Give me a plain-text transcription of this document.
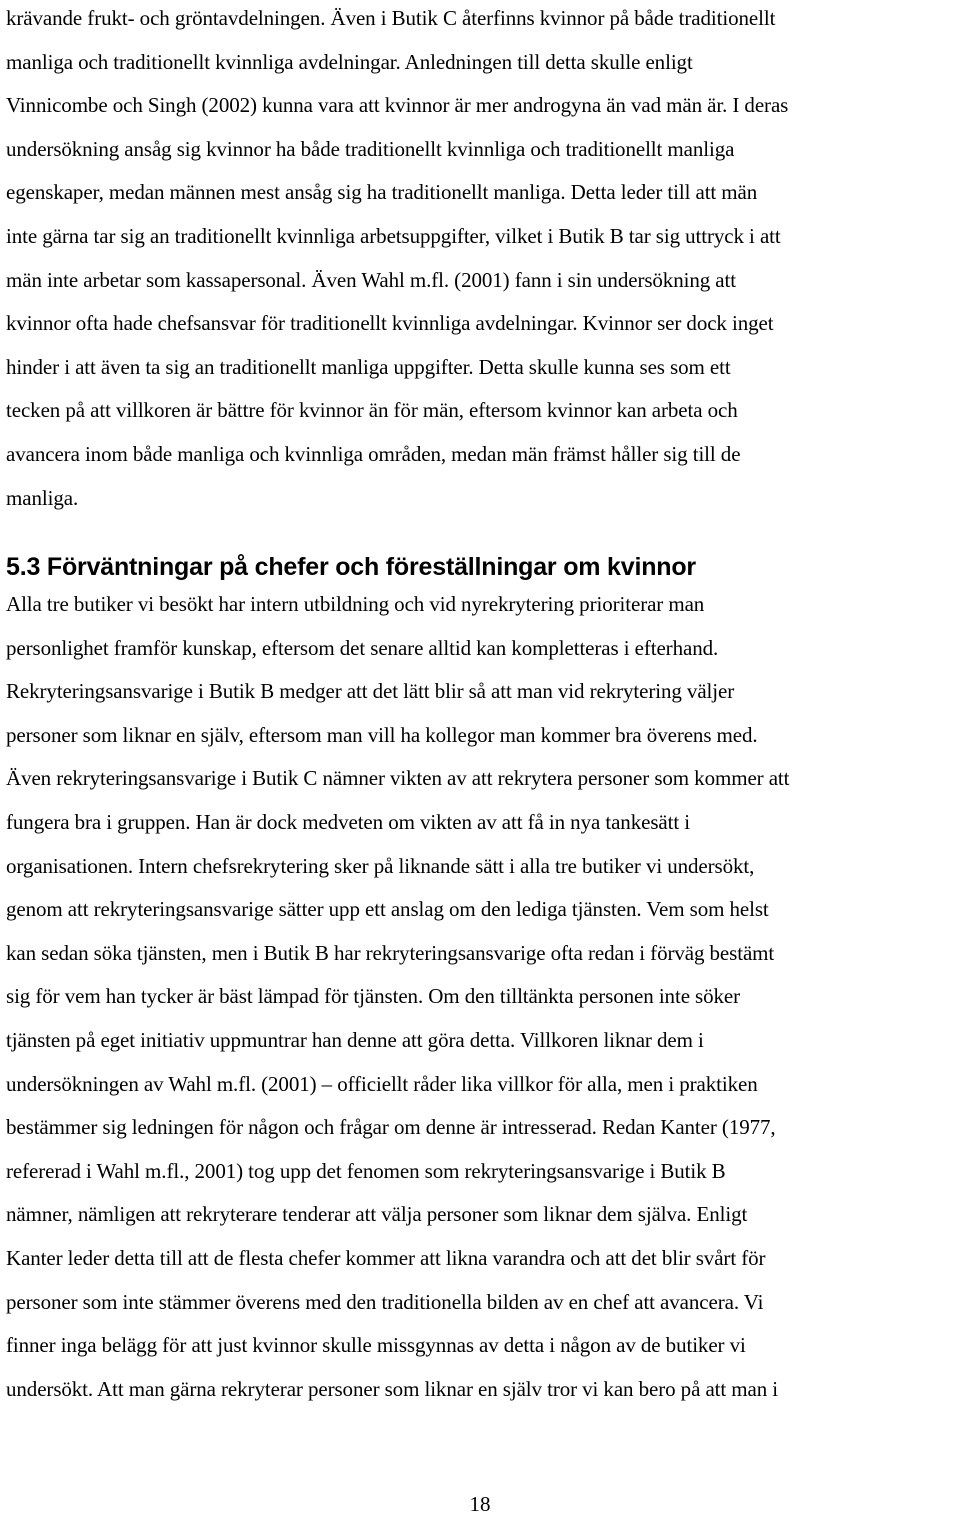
krävande frukt- och gröntavdelningen. Även i Butik C återfinns kvinnor på både traditionellt
manliga och traditionellt kvinnliga avdelningar. Anledningen till detta skulle enligt
Vinnicombe och Singh (2002) kunna vara att kvinnor är mer androgyna än vad män är. I deras
undersökning ansåg sig kvinnor ha både traditionellt kvinnliga och traditionellt manliga
egenskaper, medan männen mest ansåg sig ha traditionellt manliga. Detta leder till att män
inte gärna tar sig an traditionellt kvinnliga arbetsuppgifter, vilket i Butik B tar sig uttryck i att
män inte arbetar som kassapersonal. Även Wahl m.fl. (2001) fann i sin undersökning att
kvinnor ofta hade chefsansvar för traditionellt kvinnliga avdelningar. Kvinnor ser dock inget
hinder i att även ta sig an traditionellt manliga uppgifter. Detta skulle kunna ses som ett
tecken på att villkoren är bättre för kvinnor än för män, eftersom kvinnor kan arbeta och
avancera inom både manliga och kvinnliga områden, medan män främst håller sig till de
manliga.
5.3 Förväntningar på chefer och föreställningar om kvinnor
Alla tre butiker vi besökt har intern utbildning och vid nyrekrytering prioriterar man
personlighet framför kunskap, eftersom det senare alltid kan kompletteras i efterhand.
Rekryteringsansvarige i Butik B medger att det lätt blir så att man vid rekrytering väljer
personer som liknar en själv, eftersom man vill ha kollegor man kommer bra överens med.
Även rekryteringsansvarige i Butik C nämner vikten av att rekrytera personer som kommer att
fungera bra i gruppen. Han är dock medveten om vikten av att få in nya tankesätt i
organisationen. Intern chefsrekrytering sker på liknande sätt i alla tre butiker vi undersökt,
genom att rekryteringsansvarige sätter upp ett anslag om den lediga tjänsten. Vem som helst
kan sedan söka tjänsten, men i Butik B har rekryteringsansvarige ofta redan i förväg bestämt
sig för vem han tycker är bäst lämpad för tjänsten. Om den tilltänkta personen inte söker
tjänsten på eget initiativ uppmuntrar han denne att göra detta. Villkoren liknar dem i
undersökningen av Wahl m.fl. (2001) – officiellt råder lika villkor för alla, men i praktiken
bestämmer sig ledningen för någon och frågar om denne är intresserad. Redan Kanter (1977,
refererad i Wahl m.fl., 2001) tog upp det fenomen som rekryteringsansvarige i Butik B
nämner, nämligen att rekryterare tenderar att välja personer som liknar dem själva. Enligt
Kanter leder detta till att de flesta chefer kommer att likna varandra och att det blir svårt för
personer som inte stämmer överens med den traditionella bilden av en chef att avancera. Vi
finner inga belägg för att just kvinnor skulle missgynnas av detta i någon av de butiker vi
undersökt. Att man gärna rekryterar personer som liknar en själv tror vi kan bero på att man i
18
